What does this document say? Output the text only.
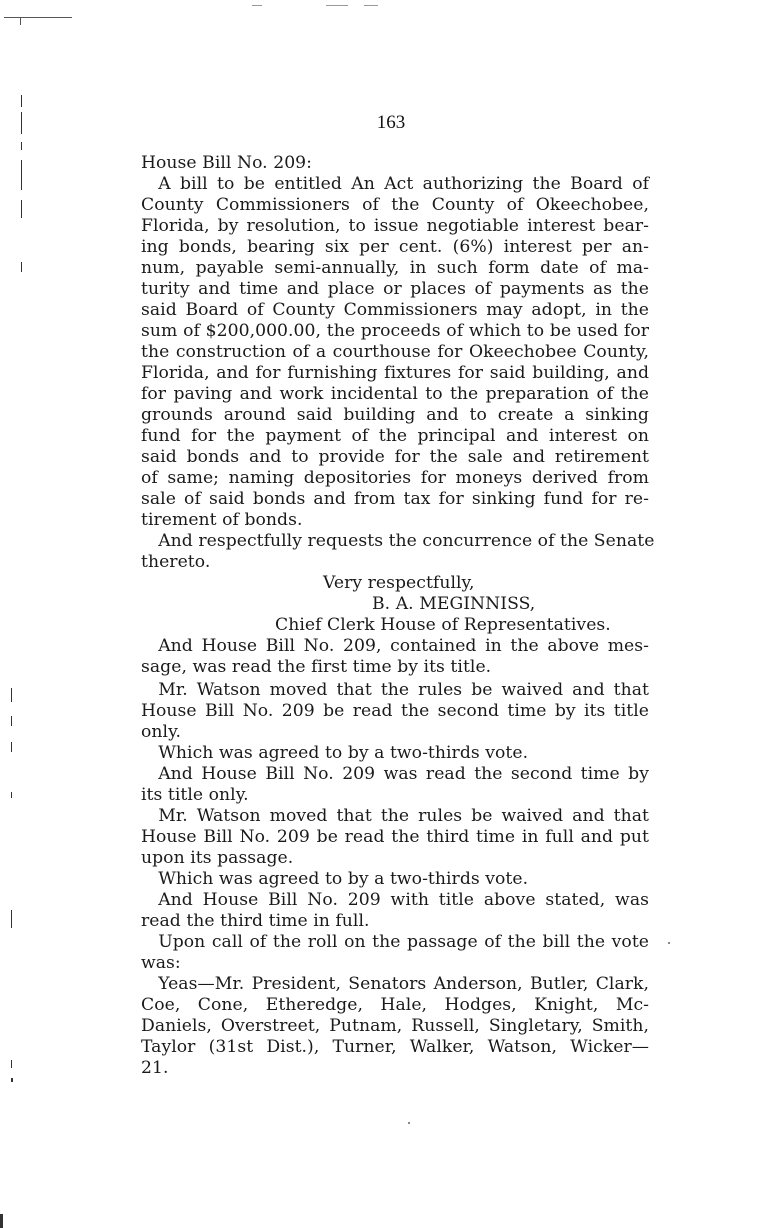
163
House Bill No. 209:
A bill to be entitled An Act authorizing the Board of
County Commissioners of the County of Okeechobee,
Florida, by resolution, to issue negotiable interest bear-
ing bonds, bearing six per cent. (6%) interest per an-
num, payable semi-annually, in such form date of ma-
turity and time and place or places of payments as the
said Board of County Commissioners may adopt, in the
sum of $200,000.00, the proceeds of which to be used for
the construction of a courthouse for Okeechobee County,
Florida, and for furnishing fixtures for said building, and
for paving and work incidental to the preparation of the
grounds around said building and to create a sinking
fund for the payment of the principal and interest on
said bonds and to provide for the sale and retirement
of same; naming depositories for moneys derived from
sale of said bonds and from tax for sinking fund for re-
tirement of bonds.
And respectfully requests the concurrence of the Senate
thereto.
Very respectfully,
B. A. MEGINNISS,
Chief Clerk House of Representatives.
And House Bill No. 209, contained in the above mes-
sage, was read the first time by its title.
Mr. Watson moved that the rules be waived and that
House Bill No. 209 be read the second time by its title
only.
Which was agreed to by a two-thirds vote.
And House Bill No. 209 was read the second time by
its title only.
Mr. Watson moved that the rules be waived and that
House Bill No. 209 be read the third time in full and put
upon its passage.
Which was agreed to by a two-thirds vote.
And House Bill No. 209 with title above stated, was
read the third time in full.
Upon call of the roll on the passage of the bill the vote
was:
Yeas—Mr. President, Senators Anderson, Butler, Clark,
Coe, Cone, Etheredge, Hale, Hodges, Knight, Mc-
Daniels, Overstreet, Putnam, Russell, Singletary, Smith,
Taylor (31st Dist.), Turner, Walker, Watson, Wicker—
21.
